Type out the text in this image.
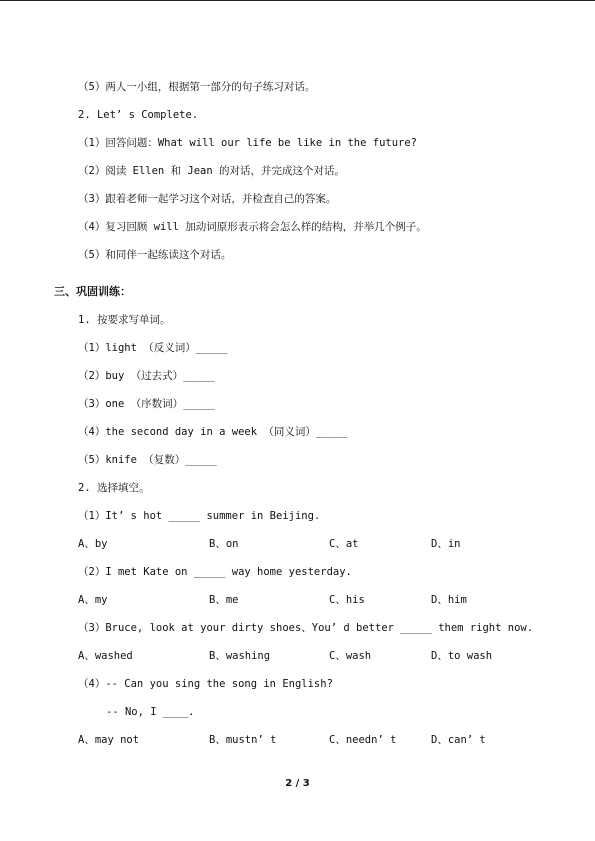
（5）两人一小组，根据第一部分的句子练习对话。
2. Let’ s Complete.
（1）回答问题：What will our life be like in the future?
（2）阅读 Ellen 和 Jean 的对话，并完成这个对话。
（3）跟着老师一起学习这个对话，并检查自己的答案。
（4）复习回顾 will 加动词原形表示将会怎么样的结构，并举几个例子。
（5）和同伴一起练读这个对话。
三、巩固训练：
1. 按要求写单词。
（1）light （反义词）_____
（2）buy （过去式）_____
（3）one （序数词）_____
（4）the second day in a week （同义词）_____
（5）knife （复数）_____
2. 选择填空。
（1）It’ s hot _____ summer in Beijing.
A、by	B、on	C、at	D、in
（2）I met Kate on _____ way home yesterday.
A、my	B、me	C、his	D、him
（3）Bruce, look at your dirty shoes、You’ d better _____ them right now.
A、washed	B、washing	C、wash	D、to wash
（4）-- Can you sing the song in English?
-- No, I ____.
A、may not	B、mustn’ t	C、needn’ t	D、can’ t
2 / 3
